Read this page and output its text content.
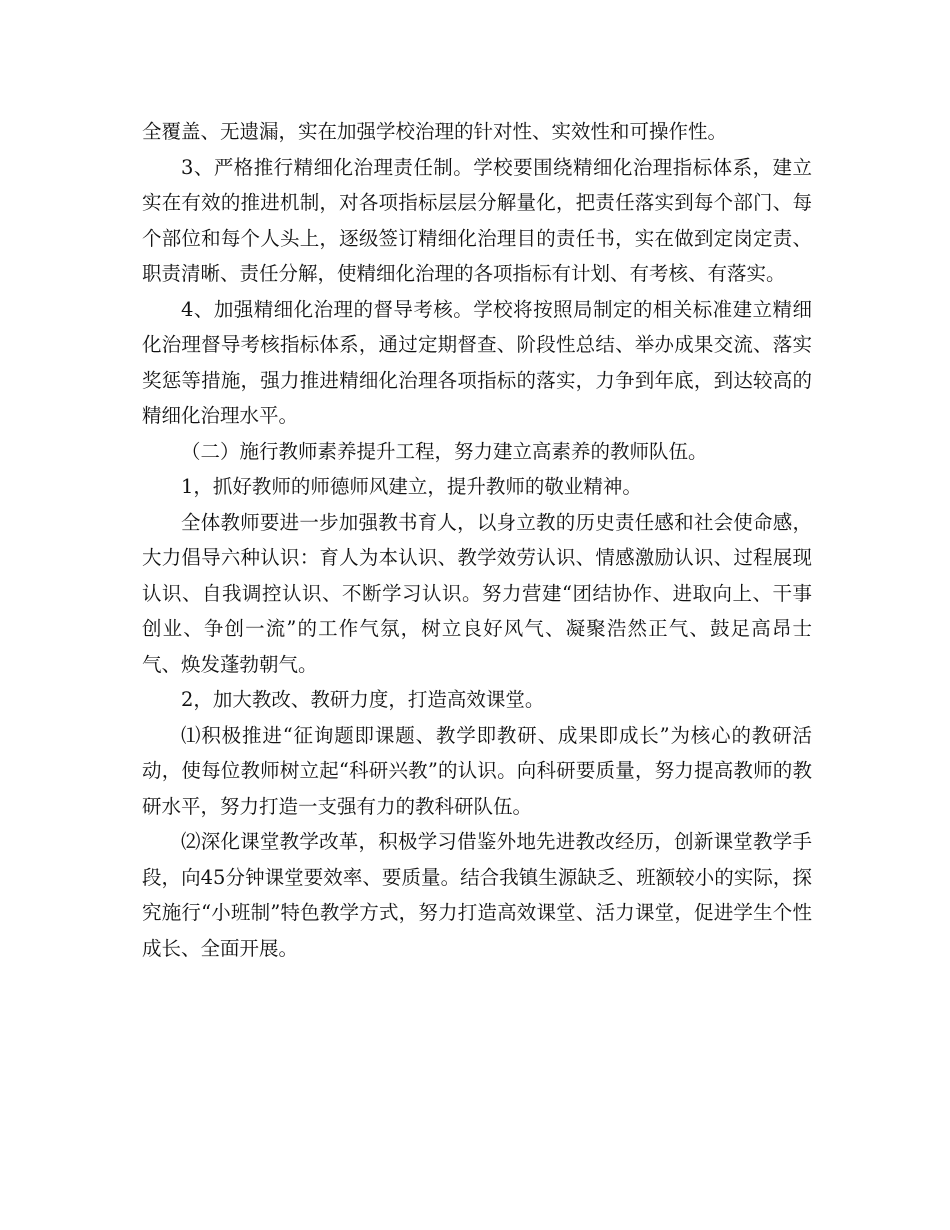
全覆盖、无遗漏，实在加强学校治理的针对性、实效性和可操作性。

3、严格推行精细化治理责任制。学校要围绕精细化治理指标体系，建立实在有效的推进机制，对各项指标层层分解量化，把责任落实到每个部门、每个部位和每个人头上，逐级签订精细化治理目的责任书，实在做到定岗定责、职责清晰、责任分解，使精细化治理的各项指标有计划、有考核、有落实。

4、加强精细化治理的督导考核。学校将按照局制定的相关标准建立精细化治理督导考核指标体系，通过定期督查、阶段性总结、举办成果交流、落实奖惩等措施，强力推进精细化治理各项指标的落实，力争到年底，到达较高的精细化治理水平。

（二）施行教师素养提升工程，努力建立高素养的教师队伍。

1，抓好教师的师德师风建立，提升教师的敬业精神。

全体教师要进一步加强教书育人，以身立教的历史责任感和社会使命感，大力倡导六种认识：育人为本认识、教学效劳认识、情感激励认识、过程展现认识、自我调控认识、不断学习认识。努力营建“团结协作、进取向上、干事创业、争创一流”的工作气氛，树立良好风气、凝聚浩然正气、鼓足高昂士气、焕发蓬勃朝气。

2，加大教改、教研力度，打造高效课堂。

⑴积极推进“征询题即课题、教学即教研、成果即成长”为核心的教研活动，使每位教师树立起“科研兴教”的认识。向科研要质量，努力提高教师的教研水平，努力打造一支强有力的教科研队伍。

⑵深化课堂教学改革，积极学习借鉴外地先进教改经历，创新课堂教学手段，向45分钟课堂要效率、要质量。结合我镇生源缺乏、班额较小的实际，探究施行“小班制”特色教学方式，努力打造高效课堂、活力课堂，促进学生个性成长、全面开展。
